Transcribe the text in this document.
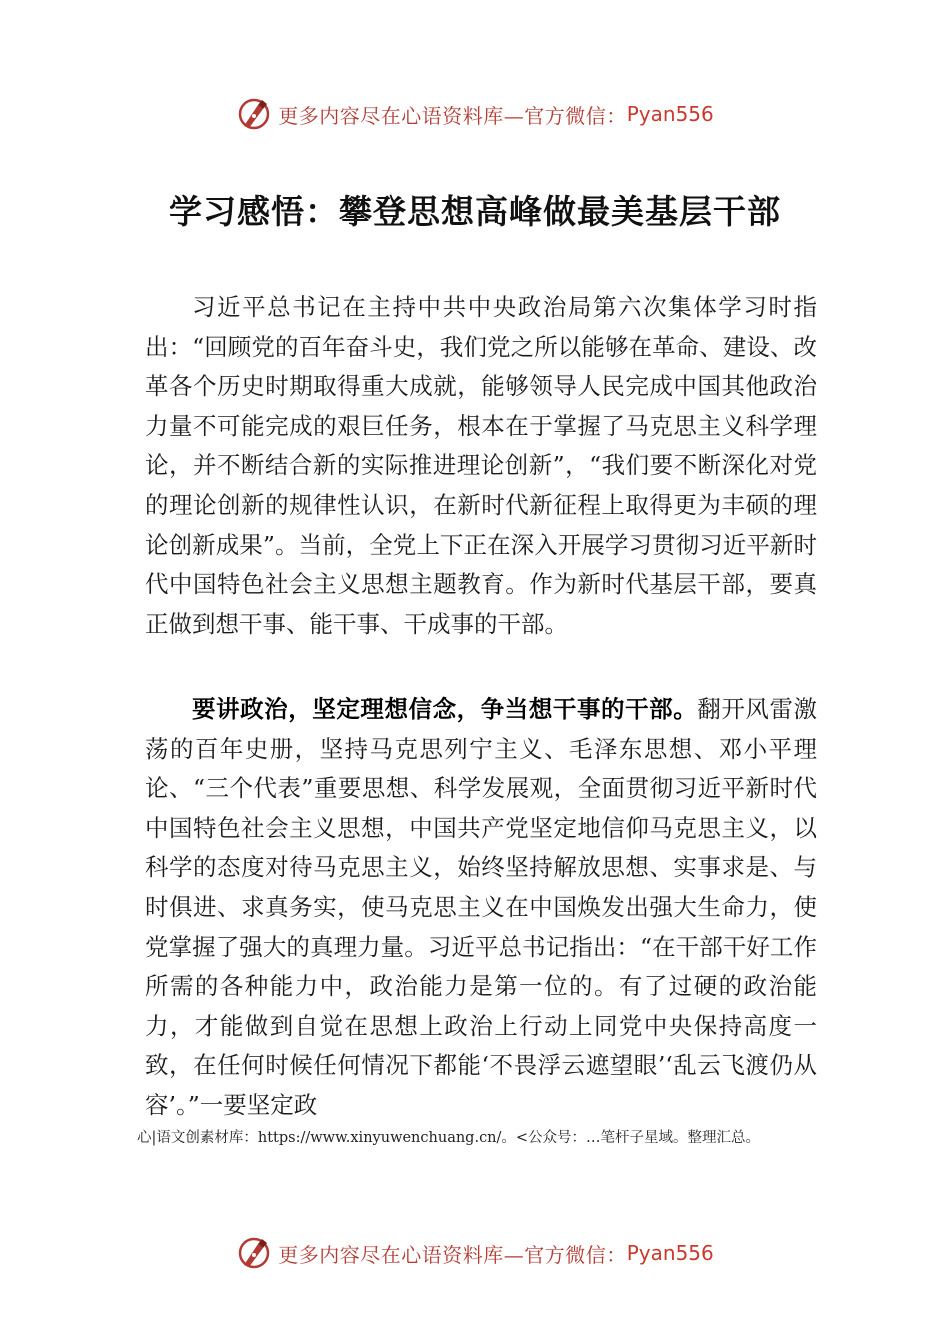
更多内容尽在心语资料库—官方微信： Pyan556
学习感悟：攀登思想高峰做最美基层干部

习近平总书记在主持中共中央政治局第六次集体学习时指出：“回顾党的百年奋斗史，我们党之所以能够在革命、建设、改革各个历史时期取得重大成就，能够领导人民完成中国其他政治力量不可能完成的艰巨任务，根本在于掌握了马克思主义科学理论，并不断结合新的实际推进理论创新”，“我们要不断深化对党的理论创新的规律性认识，在新时代新征程上取得更为丰硕的理论创新成果”。当前，全党上下正在深入开展学习贯彻习近平新时代中国特色社会主义思想主题教育。作为新时代基层干部，要真正做到想干事、能干事、干成事的干部。

要讲政治，坚定理想信念，争当想干事的干部。翻开风雷激荡的百年史册，坚持马克思列宁主义、毛泽东思想、邓小平理论、“三个代表”重要思想、科学发展观，全面贯彻习近平新时代中国特色社会主义思想，中国共产党坚定地信仰马克思主义，以科学的态度对待马克思主义，始终坚持解放思想、实事求是、与时俱进、求真务实，使马克思主义在中国焕发出强大生命力，使党掌握了强大的真理力量。习近平总书记指出：“在干部干好工作所需的各种能力中，政治能力是第一位的。有了过硬的政治能力，才能做到自觉在思想上政治上行动上同党中央保持高度一致，在任何时候任何情况下都能‘不畏浮云遮望眼’‘乱云飞渡仍从容’。”一要坚定政

心|语文创素材库：https://www.xinyuwenchuang.cn/。<公众号：…笔杆子星域。整理汇总。
更多内容尽在心语资料库—官方微信： Pyan556
